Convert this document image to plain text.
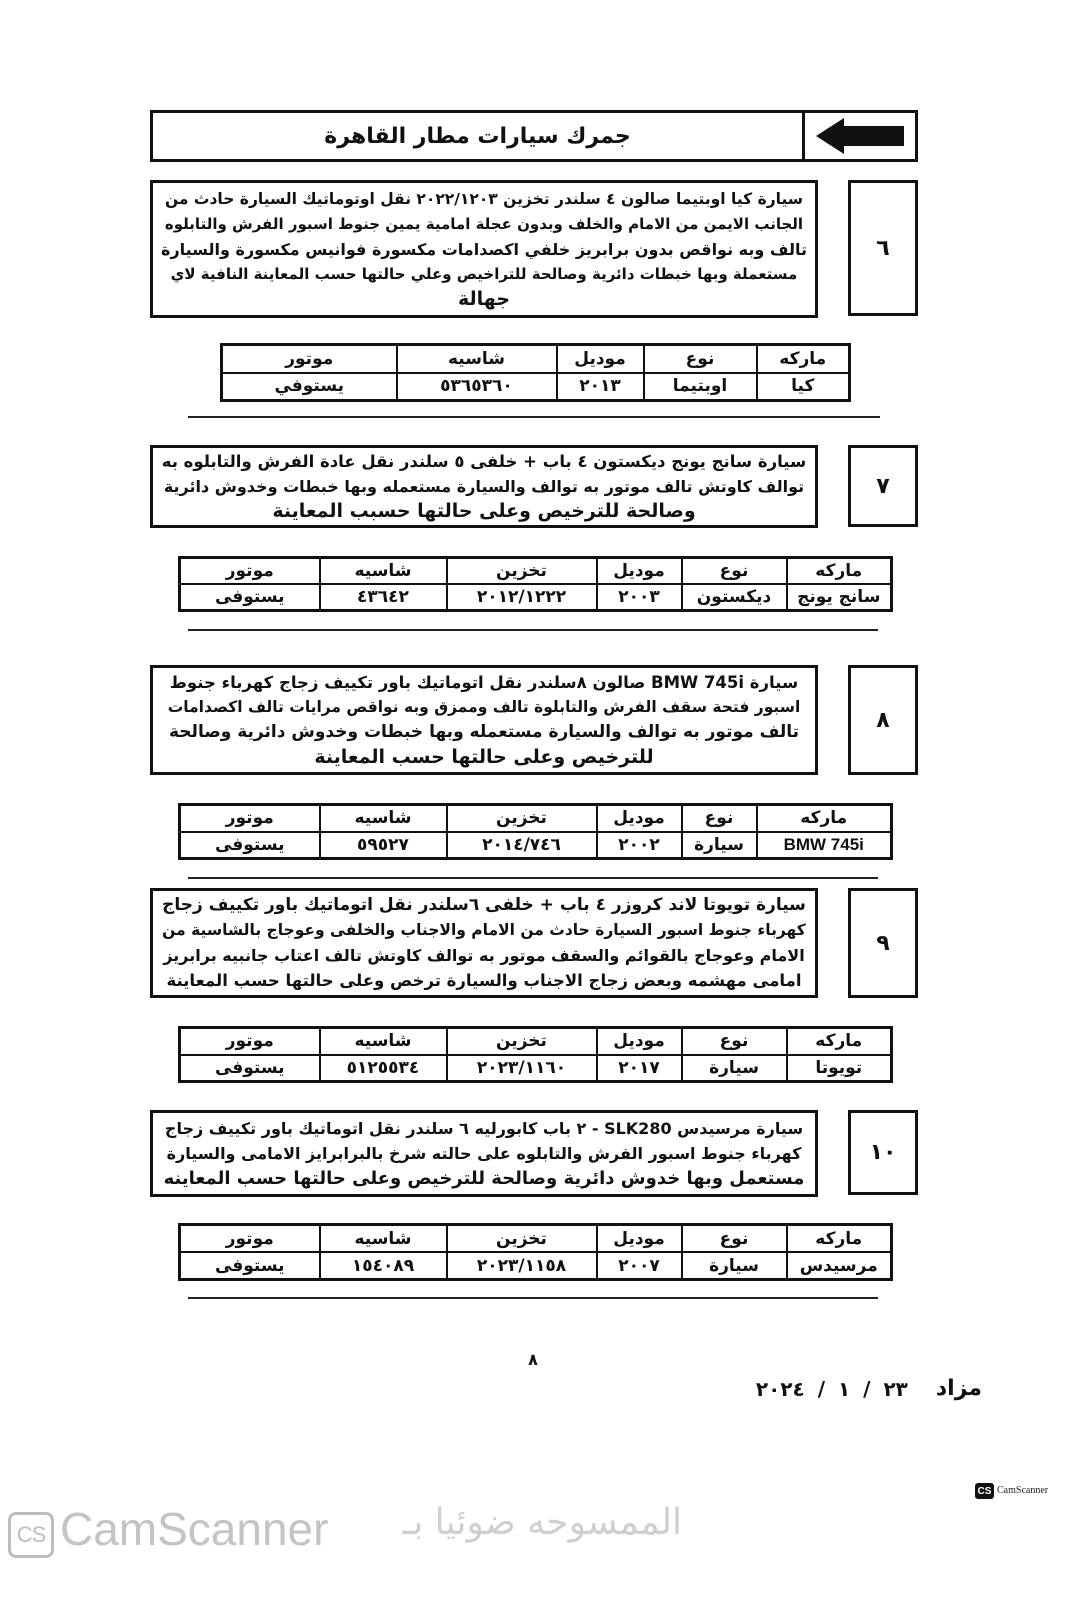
جمرك سيارات مطار القاهرة
٦
سيارة كيا اوبتيما صالون ٤ سلندر تخزين ٢٠٢٢/١٢٠٣ نقل اوتوماتيك السيارة حادث من
الجانب الايمن من الامام والخلف وبدون عجلة امامية يمين جنوط اسبور الفرش والتابلوه
تالف وبه نواقص بدون برابريز خلفي اكصدامات مكسورة فوانيس مكسورة والسيارة
مستعملة وبها خبطات دائرية وصالحة للتراخيص وعلي حالتها حسب المعاينة النافية لاي
جهالة
ماركه	نوع	موديل	شاسيه	موتور
كيا	اوبتيما	٢٠١٣	٥٣٦٥٣٦٠	يستوفي
٧
سيارة سانج يونج ديكستون ٤ باب + خلفى ٥ سلندر نقل عادة الفرش والتابلوه به
توالف كاوتش تالف موتور به توالف والسيارة مستعمله وبها خبطات وخدوش دائرية
وصالحة للترخيص وعلى حالتها حسبب المعاينة
ماركه	نوع	موديل	تخزين	شاسيه	موتور
سانج يونج	ديكستون	٢٠٠٣	٢٠١٢/١٢٢٢	٤٣٦٤٢	يستوفى
٨
سيارة BMW 745i صالون ٨سلندر نقل اتوماتيك باور تكييف زجاج كهرباء جنوط
اسبور فتحة سقف الفرش والتابلوة تالف وممزق وبه نواقص مرايات تالف اكصدامات
تالف موتور به توالف والسيارة مستعمله وبها خبطات وخدوش دائرية وصالحة
للترخيص وعلى حالتها حسب المعاينة
ماركه	نوع	موديل	تخزين	شاسيه	موتور
BMW 745i	سيارة	٢٠٠٢	٢٠١٤/٧٤٦	٥٩٥٢٧	يستوفى
٩
سيارة تويوتا لاند كروزر ٤ باب + خلفى ٦سلندر نقل اتوماتيك باور تكييف زجاج
كهرباء جنوط اسبور السيارة حادث من الامام والاجناب والخلفى وعوجاج بالشاسية من
الامام وعوجاج بالقوائم والسقف موتور به توالف كاوتش تالف اعتاب جانبيه برابريز
امامى مهشمه وبعض زجاج الاجناب والسيارة ترخص وعلى حالتها حسب المعاينة
ماركه	نوع	موديل	تخزين	شاسيه	موتور
تويوتا	سيارة	٢٠١٧	٢٠٢٣/١١٦٠	٥١٢٥٥٣٤	يستوفى
١٠
سيارة مرسيدس SLK280 - ٢ باب كابورليه ٦ سلندر نقل اتوماتيك باور تكييف زجاج
كهرباء جنوط اسبور الفرش والتابلوه على حالته شرخ بالبرابرايز الامامى والسيارة
مستعمل وبها خدوش دائرية وصالحة للترخيص وعلى حالتها حسب المعاينه
ماركه	نوع	موديل	تخزين	شاسيه	موتور
مرسيدس	سيارة	٢٠٠٧	٢٠٢٣/١١٥٨	١٥٤٠٨٩	يستوفى
٨
مزاد
٢٣ / ١ / ٢٠٢٤
CS CamScanner
CS CamScanner الممسوحه ضوئيا بـ
